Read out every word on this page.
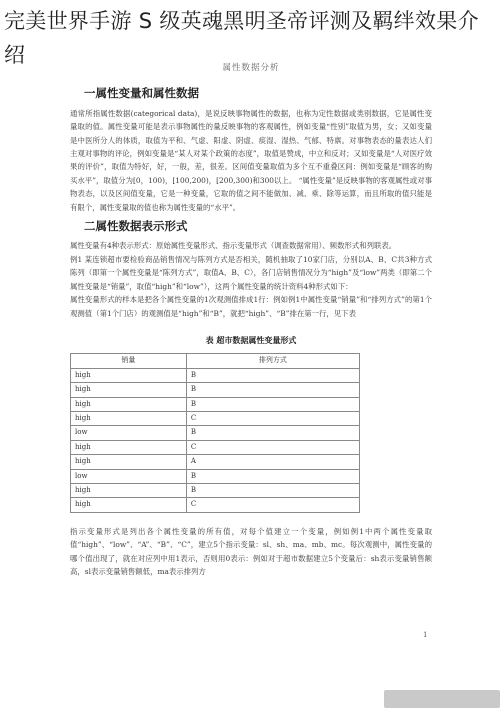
完美世界手游 S 级英魂黑明圣帝评测及羁绊效果介绍
属性数据分析
一属性变量和属性数据

通常所指属性数据(categorical data)，是说反映事物属性的数据，也称为定性数据或类别数据，它是属性变量取的值。属性变量可能是表示事物属性的量反映事物的客观属性，例如变量“性别”取值为男，女；又如变量是中医所分人的体质，取值为平和、气虚、阳虚、阴虚、痰湿、湿热、气郁、特禀。对事物表态的量表达人们主观对事物的评论，例如变量是“某人对某个政策的态度”，取值是赞成，中立和反对；又如变量是“人对医疗效果的评价”，取值为特好，好，一般，差，很差。区间值变量取值为多个互不重叠区间：例如变量是“顾客的购买水平”，取值分为[0，100)，[100,200)，[200,300)和300以上。 “属性变量”是反映事物的客观属性或对事物表态，以及区间值变量，它是一种变量，它取的值之间不能做加、减、乘、除等运算，而且所取的值只能是有限个，属性变量取的值也称为属性变量的“水平”。

二属性数据表示形式

属性变量有4种表示形式：原始属性变量形式、指示变量形式（调查数据常用）、频数形式和列联表。

例1 某连锁超市要检验商品销售情况与陈列方式是否相关，随机抽取了10家门店，分别以A、B、C共3种方式陈列（即第一个属性变量是“陈列方式”，取值A、B、C），各门店销售情况分为“high”及“low”两类（即第二个属性变量是“销量”，取值“high”和“low”），这两个属性变量的统计资料4种形式如下：

属性变量形式的样本是把各个属性变量的1次观测值排成1行：例如例1中属性变量“销量”和“排列方式”的第1个观测值（第1个门店）的观测值是“high”和“B”，就把“high”、“B”排在第一行，见下表

表 超市数据属性变量形式
销量	排列方式
high	B
high	B
high	B
high	C
low	B
high	C
high	A
low	B
high	B
high	C

指示变量形式是列出各个属性变量的所有值，对每个值建立一个变量，例如例1中两个属性变量取值“high”、“low”、“A”、“B”、“C”，建立5个指示变量：sl、sh、ma、mb、mc。每次观测中，属性变量的哪个值出现了，就在对应列中用1表示，否则用0表示：例如对于超市数据建立5个变量后：sh表示变量销售额高，sl表示变量销售额低，ma表示排列方

1
